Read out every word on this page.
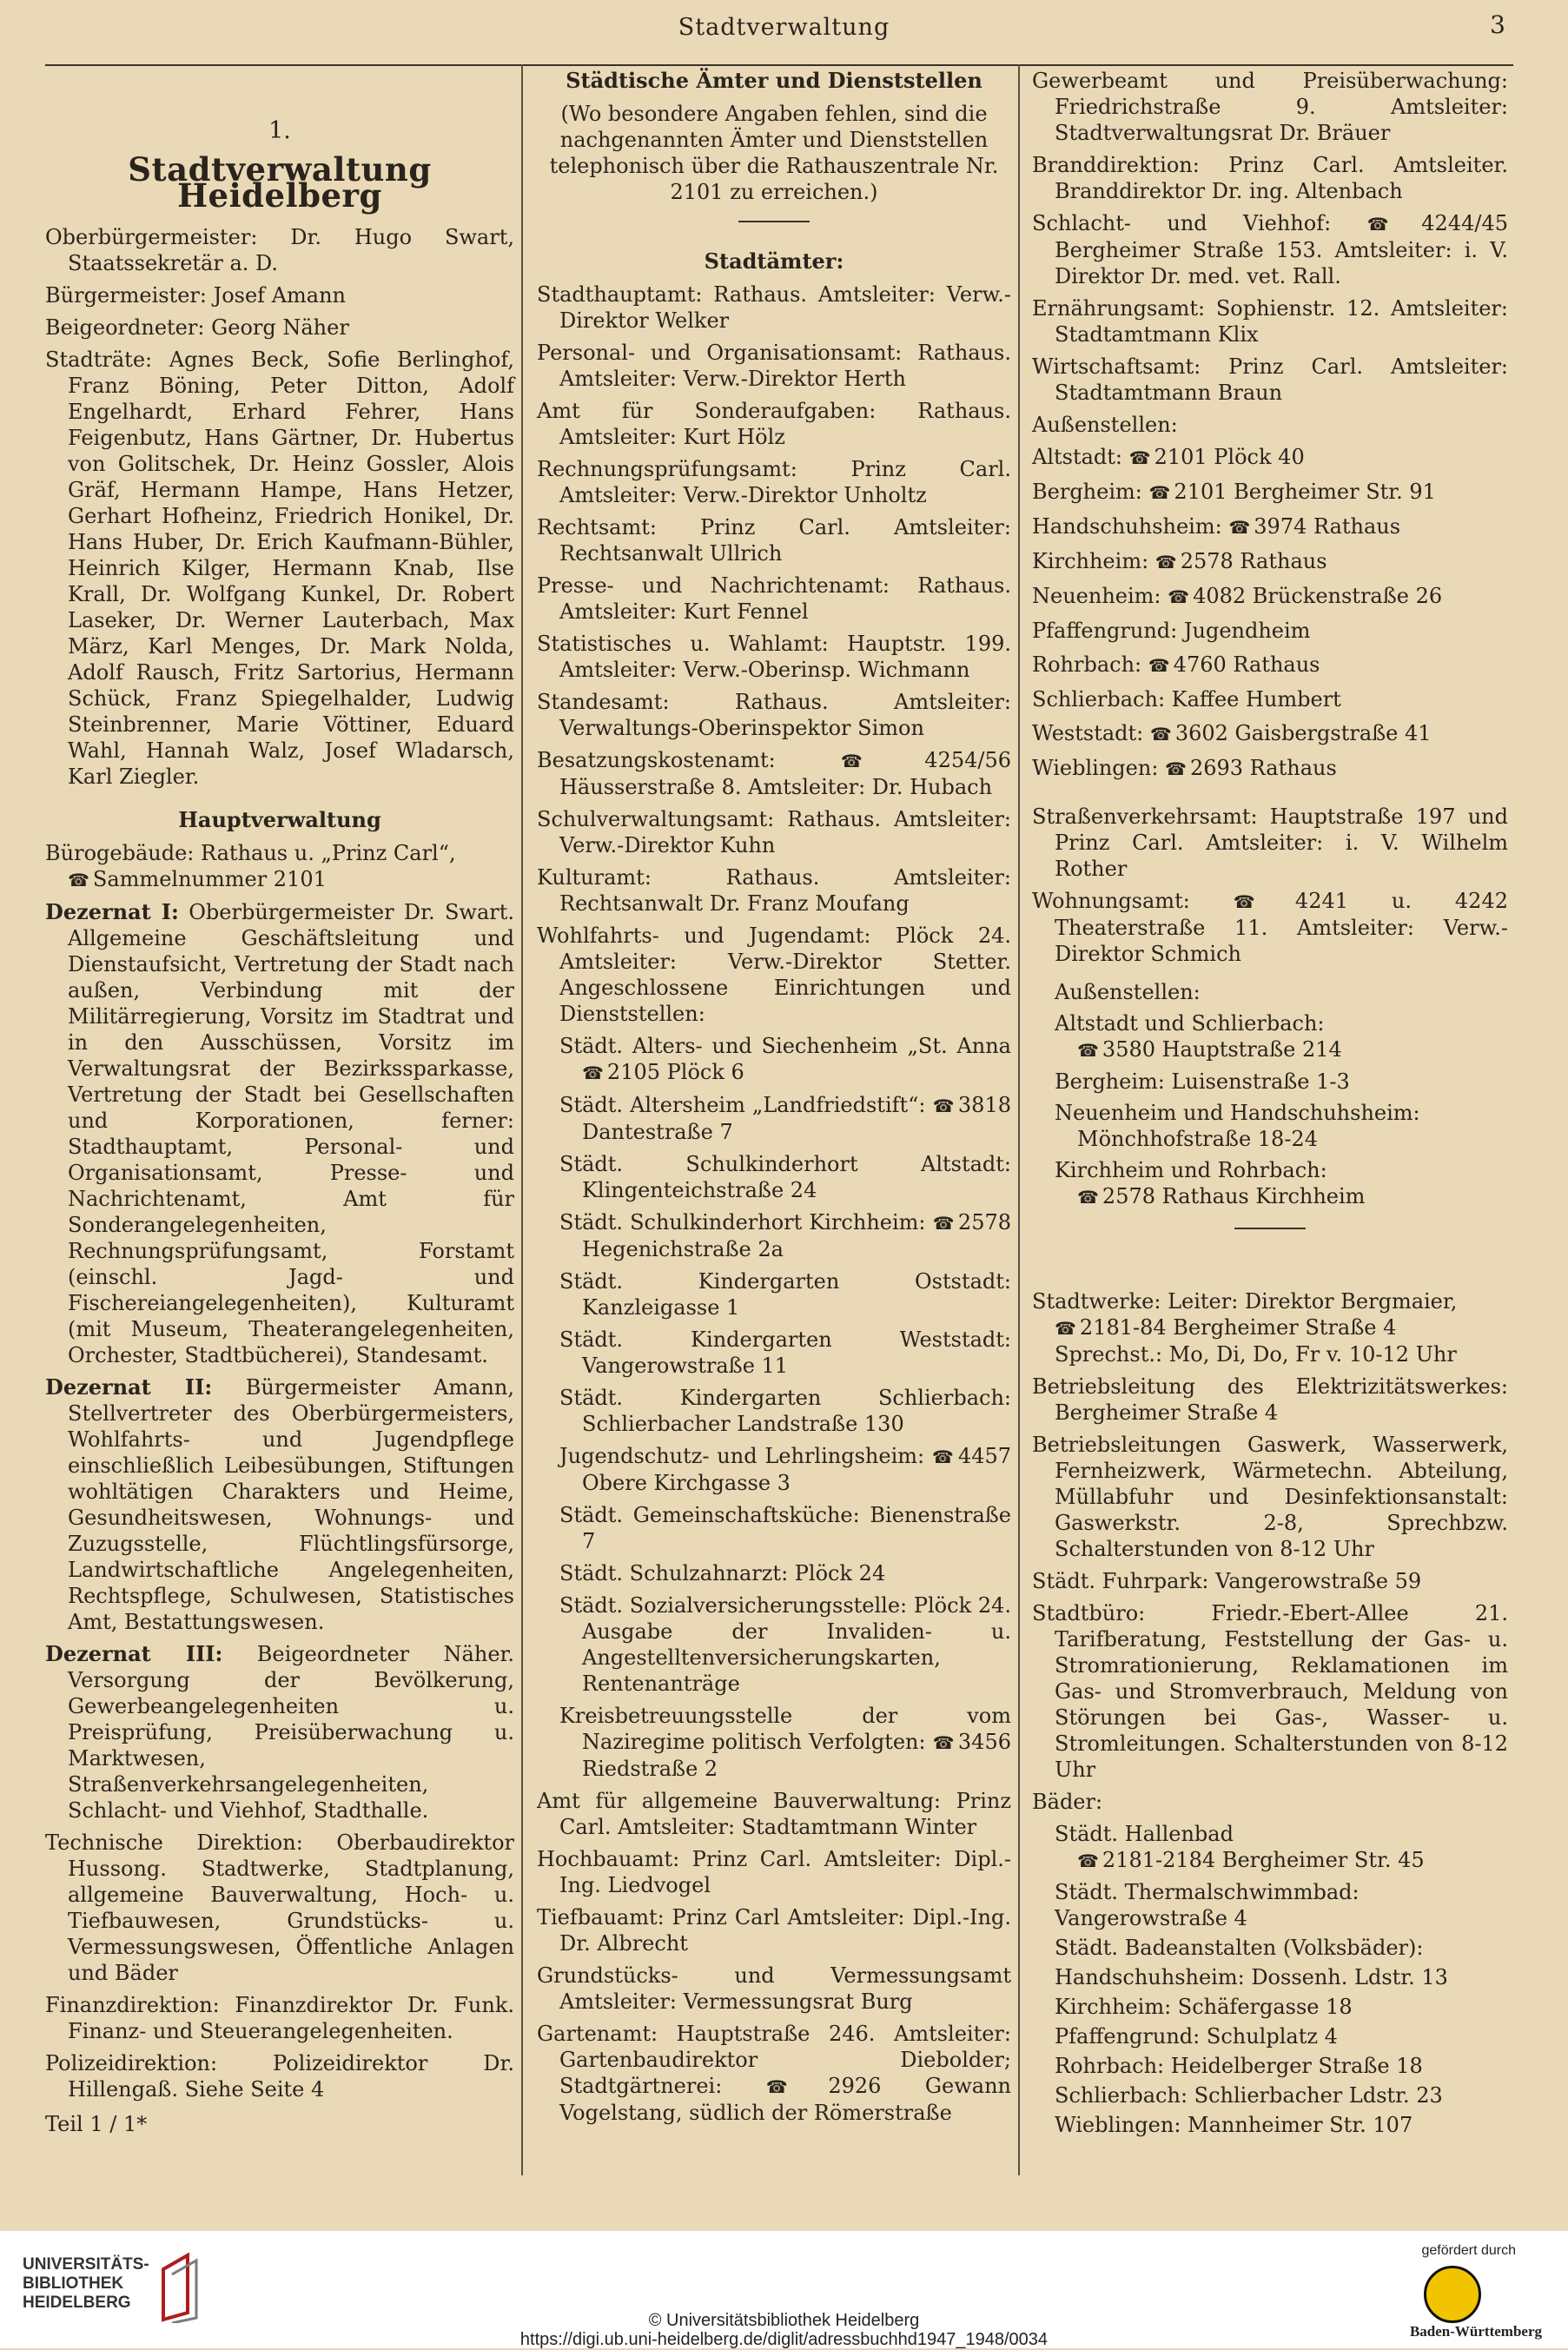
Stadtverwaltung	3
1.
Stadtverwaltung Heidelberg

Oberbürgermeister: Dr. Hugo Swart, Staatssekretär a. D.

Bürgermeister: Josef Amann

Beigeordneter: Georg Näher

Stadträte: Agnes Beck, Sofie Berlinghof, Franz Böning, Peter Ditton, Adolf Engelhardt, Erhard Fehrer, Hans Feigenbutz, Hans Gärtner, Dr. Hubertus von Golitschek, Dr. Heinz Gossler, Alois Gräf, Hermann Hampe, Hans Hetzer, Gerhart Hofheinz, Friedrich Honikel, Dr. Hans Huber, Dr. Erich Kaufmann-Bühler, Heinrich Kilger, Hermann Knab, Ilse Krall, Dr. Wolfgang Kunkel, Dr. Robert Laseker, Dr. Werner Lauterbach, Max März, Karl Menges, Dr. Mark Nolda, Adolf Rausch, Fritz Sartorius, Hermann Schück, Franz Spiegelhalder, Ludwig Steinbrenner, Marie Vöttiner, Eduard Wahl, Hannah Walz, Josef Wladarsch, Karl Ziegler.

Hauptverwaltung

Bürogebäude: Rathaus u. „Prinz Carl“,
☎ Sammelnummer 2101

Dezernat I: Oberbürgermeister Dr. Swart. Allgemeine Geschäftsleitung und Dienstaufsicht, Vertretung der Stadt nach außen, Verbindung mit der Militärregierung, Vorsitz im Stadtrat und in den Ausschüssen, Vorsitz im Verwaltungsrat der Bezirkssparkasse, Vertretung der Stadt bei Gesellschaften und Korporationen, ferner: Stadthauptamt, Personal- und Organisationsamt, Presse- und Nachrichtenamt, Amt für Sonderangelegenheiten, Rechnungsprüfungsamt, Forstamt (einschl. Jagd- und Fischereiangelegenheiten), Kulturamt (mit Museum, Theaterangelegenheiten, Orchester, Stadtbücherei), Standesamt.

Dezernat II: Bürgermeister Amann, Stellvertreter des Oberbürgermeisters, Wohlfahrts- und Jugendpflege einschließlich Leibesübungen, Stiftungen wohltätigen Charakters und Heime, Gesundheitswesen, Wohnungs- und Zuzugsstelle, Flüchtlingsfürsorge, Landwirtschaftliche Angelegenheiten, Rechtspflege, Schulwesen, Statistisches Amt, Bestattungswesen.

Dezernat III: Beigeordneter Näher. Versorgung der Bevölkerung, Gewerbeangelegenheiten u. Preisprüfung, Preisüberwachung u. Marktwesen, Straßenverkehrsangelegenheiten, Schlacht- und Viehhof, Stadthalle.

Technische Direktion: Oberbaudirektor Hussong. Stadtwerke, Stadtplanung, allgemeine Bauverwaltung, Hoch- u. Tiefbauwesen, Grundstücks- u. Vermessungswesen, Öffentliche Anlagen und Bäder

Finanzdirektion: Finanzdirektor Dr. Funk. Finanz- und Steuerangelegenheiten.

Polizeidirektion: Polizeidirektor Dr. Hillengaß. Siehe Seite 4

Teil 1 / 1*
Städtische Ämter und Dienststellen

(Wo besondere Angaben fehlen, sind die nachgenannten Ämter und Dienststellen telephonisch über die Rathauszentrale Nr. 2101 zu erreichen.)

Stadtämter:

Stadthauptamt: Rathaus. Amtsleiter: Verw.-Direktor Welker

Personal- und Organisationsamt: Rathaus. Amtsleiter: Verw.-Direktor Herth

Amt für Sonderaufgaben: Rathaus. Amtsleiter: Kurt Hölz

Rechnungsprüfungsamt: Prinz Carl. Amtsleiter: Verw.-Direktor Unholtz

Rechtsamt: Prinz Carl. Amtsleiter: Rechtsanwalt Ullrich

Presse- und Nachrichtenamt: Rathaus. Amtsleiter: Kurt Fennel

Statistisches u. Wahlamt: Hauptstr. 199. Amtsleiter: Verw.-Oberinsp. Wichmann

Standesamt: Rathaus. Amtsleiter: Verwaltungs-Oberinspektor Simon

Besatzungskostenamt: ☎	4254/56 Häusserstraße 8. Amtsleiter: Dr. Hubach

Schulverwaltungsamt: Rathaus. Amtsleiter: Verw.-Direktor Kuhn

Kulturamt: Rathaus. Amtsleiter: Rechtsanwalt Dr. Franz Moufang

Wohlfahrts- und Jugendamt: Plöck 24. Amtsleiter: Verw.-Direktor Stetter. Angeschlossene Einrichtungen und Dienststellen:

Städt. Alters- und Siechenheim „St. Anna ☎ 2105 Plöck 6

Städt. Altersheim „Landfriedstift“: ☎ 3818 Dantestraße 7

Städt. Schulkinderhort Altstadt: Klingenteichstraße 24

Städt. Schulkinderhort Kirchheim: ☎ 2578 Hegenichstraße 2a

Städt. Kindergarten Oststadt: Kanzleigasse 1

Städt. Kindergarten Weststadt: Vangerowstraße 11

Städt. Kindergarten Schlierbach: Schlierbacher Landstraße 130

Jugendschutz- und Lehrlingsheim: ☎ 4457 Obere Kirchgasse 3

Städt. Gemeinschaftsküche: Bienenstraße 7

Städt. Schulzahnarzt: Plöck 24

Städt. Sozialversicherungsstelle: Plöck 24. Ausgabe der Invaliden- u. Angestelltenversicherungskarten, Rentenanträge

Kreisbetreuungsstelle der vom Naziregime politisch Verfolgten: ☎ 3456 Riedstraße 2

Amt für allgemeine Bauverwaltung: Prinz Carl. Amtsleiter: Stadtamtmann Winter

Hochbauamt: Prinz Carl. Amtsleiter: Dipl.-Ing. Liedvogel

Tiefbauamt: Prinz Carl Amtsleiter: Dipl.-Ing. Dr. Albrecht

Grundstücks- und Vermessungsamt Amtsleiter: Vermessungsrat Burg

Gartenamt: Hauptstraße 246. Amtsleiter: Gartenbaudirektor Diebolder; Stadtgärtnerei: ☎	2926 Gewann Vogelstang, südlich der Römerstraße

Gewerbeamt und Preisüberwachung: Friedrichstraße 9. Amtsleiter: Stadtverwaltungsrat Dr. Bräuer

Branddirektion: Prinz Carl. Amtsleiter. Branddirektor Dr. ing. Altenbach

Schlacht- und Viehhof: ☎	4244/45 Bergheimer Straße 153. Amtsleiter: i. V. Direktor Dr. med. vet. Rall.

Ernährungsamt: Sophienstr. 12. Amtsleiter: Stadtamtmann Klix

Wirtschaftsamt: Prinz Carl. Amtsleiter: Stadtamtmann Braun

Außenstellen:

Altstadt: ☎ 2101 Plöck 40

Bergheim: ☎ 2101 Bergheimer Str. 91

Handschuhsheim: ☎ 3974 Rathaus

Kirchheim: ☎ 2578 Rathaus

Neuenheim: ☎ 4082 Brückenstraße 26

Pfaffengrund: Jugendheim

Rohrbach: ☎ 4760 Rathaus

Schlierbach: Kaffee Humbert

Weststadt: ☎ 3602 Gaisbergstraße 41

Wieblingen: ☎ 2693 Rathaus

Straßenverkehrsamt: Hauptstraße 197 und Prinz Carl. Amtsleiter: i. V. Wilhelm Rother

Wohnungsamt: ☎	4241 u. 4242 Theaterstraße 11. Amtsleiter: Verw.-Direktor Schmich

Außenstellen:

Altstadt und Schlierbach:
☎ 3580 Hauptstraße 214

Bergheim: Luisenstraße 1-3

Neuenheim und Handschuhsheim:
Mönchhofstraße 18-24

Kirchheim und Rohrbach:
☎ 2578 Rathaus Kirchheim

Stadtwerke: Leiter: Direktor Bergmaier,
☎ 2181-84 Bergheimer Straße 4
Sprechst.: Mo, Di, Do, Fr v. 10-12 Uhr

Betriebsleitung des Elektrizitätswerkes: Bergheimer Straße 4

Betriebsleitungen Gaswerk, Wasserwerk, Fernheizwerk, Wärmetechn. Abteilung, Müllabfuhr und Desinfektionsanstalt: Gaswerkstr. 2-8, Sprechbzw. Schalterstunden von 8-12 Uhr

Städt. Fuhrpark: Vangerowstraße 59

Stadtbüro: Friedr.-Ebert-Allee 21. Tarifberatung, Feststellung der Gas- u. Stromrationierung, Reklamationen im Gas- und Stromverbrauch, Meldung von Störungen bei Gas-, Wasser- u. Stromleitungen. Schalterstunden von 8-12 Uhr

Bäder:

Städt. Hallenbad
☎ 2181-2184 Bergheimer Str. 45

Städt. Thermalschwimmbad: Vangerowstraße 4

Städt. Badeanstalten (Volksbäder):

Handschuhsheim: Dossenh. Ldstr. 13

Kirchheim: Schäfergasse 18

Pfaffengrund: Schulplatz 4

Rohrbach: Heidelberger Straße 18

Schlierbach: Schlierbacher Ldstr. 23

Wieblingen: Mannheimer Str. 107

UNIVERSITÄTS-
BIBLIOTHEK
HEIDELBERG
© Universitätsbibliothek Heidelberg
https://digi.ub.uni-heidelberg.de/diglit/adressbuchhd1947_1948/0034
gefördert durch
Baden-Württemberg
